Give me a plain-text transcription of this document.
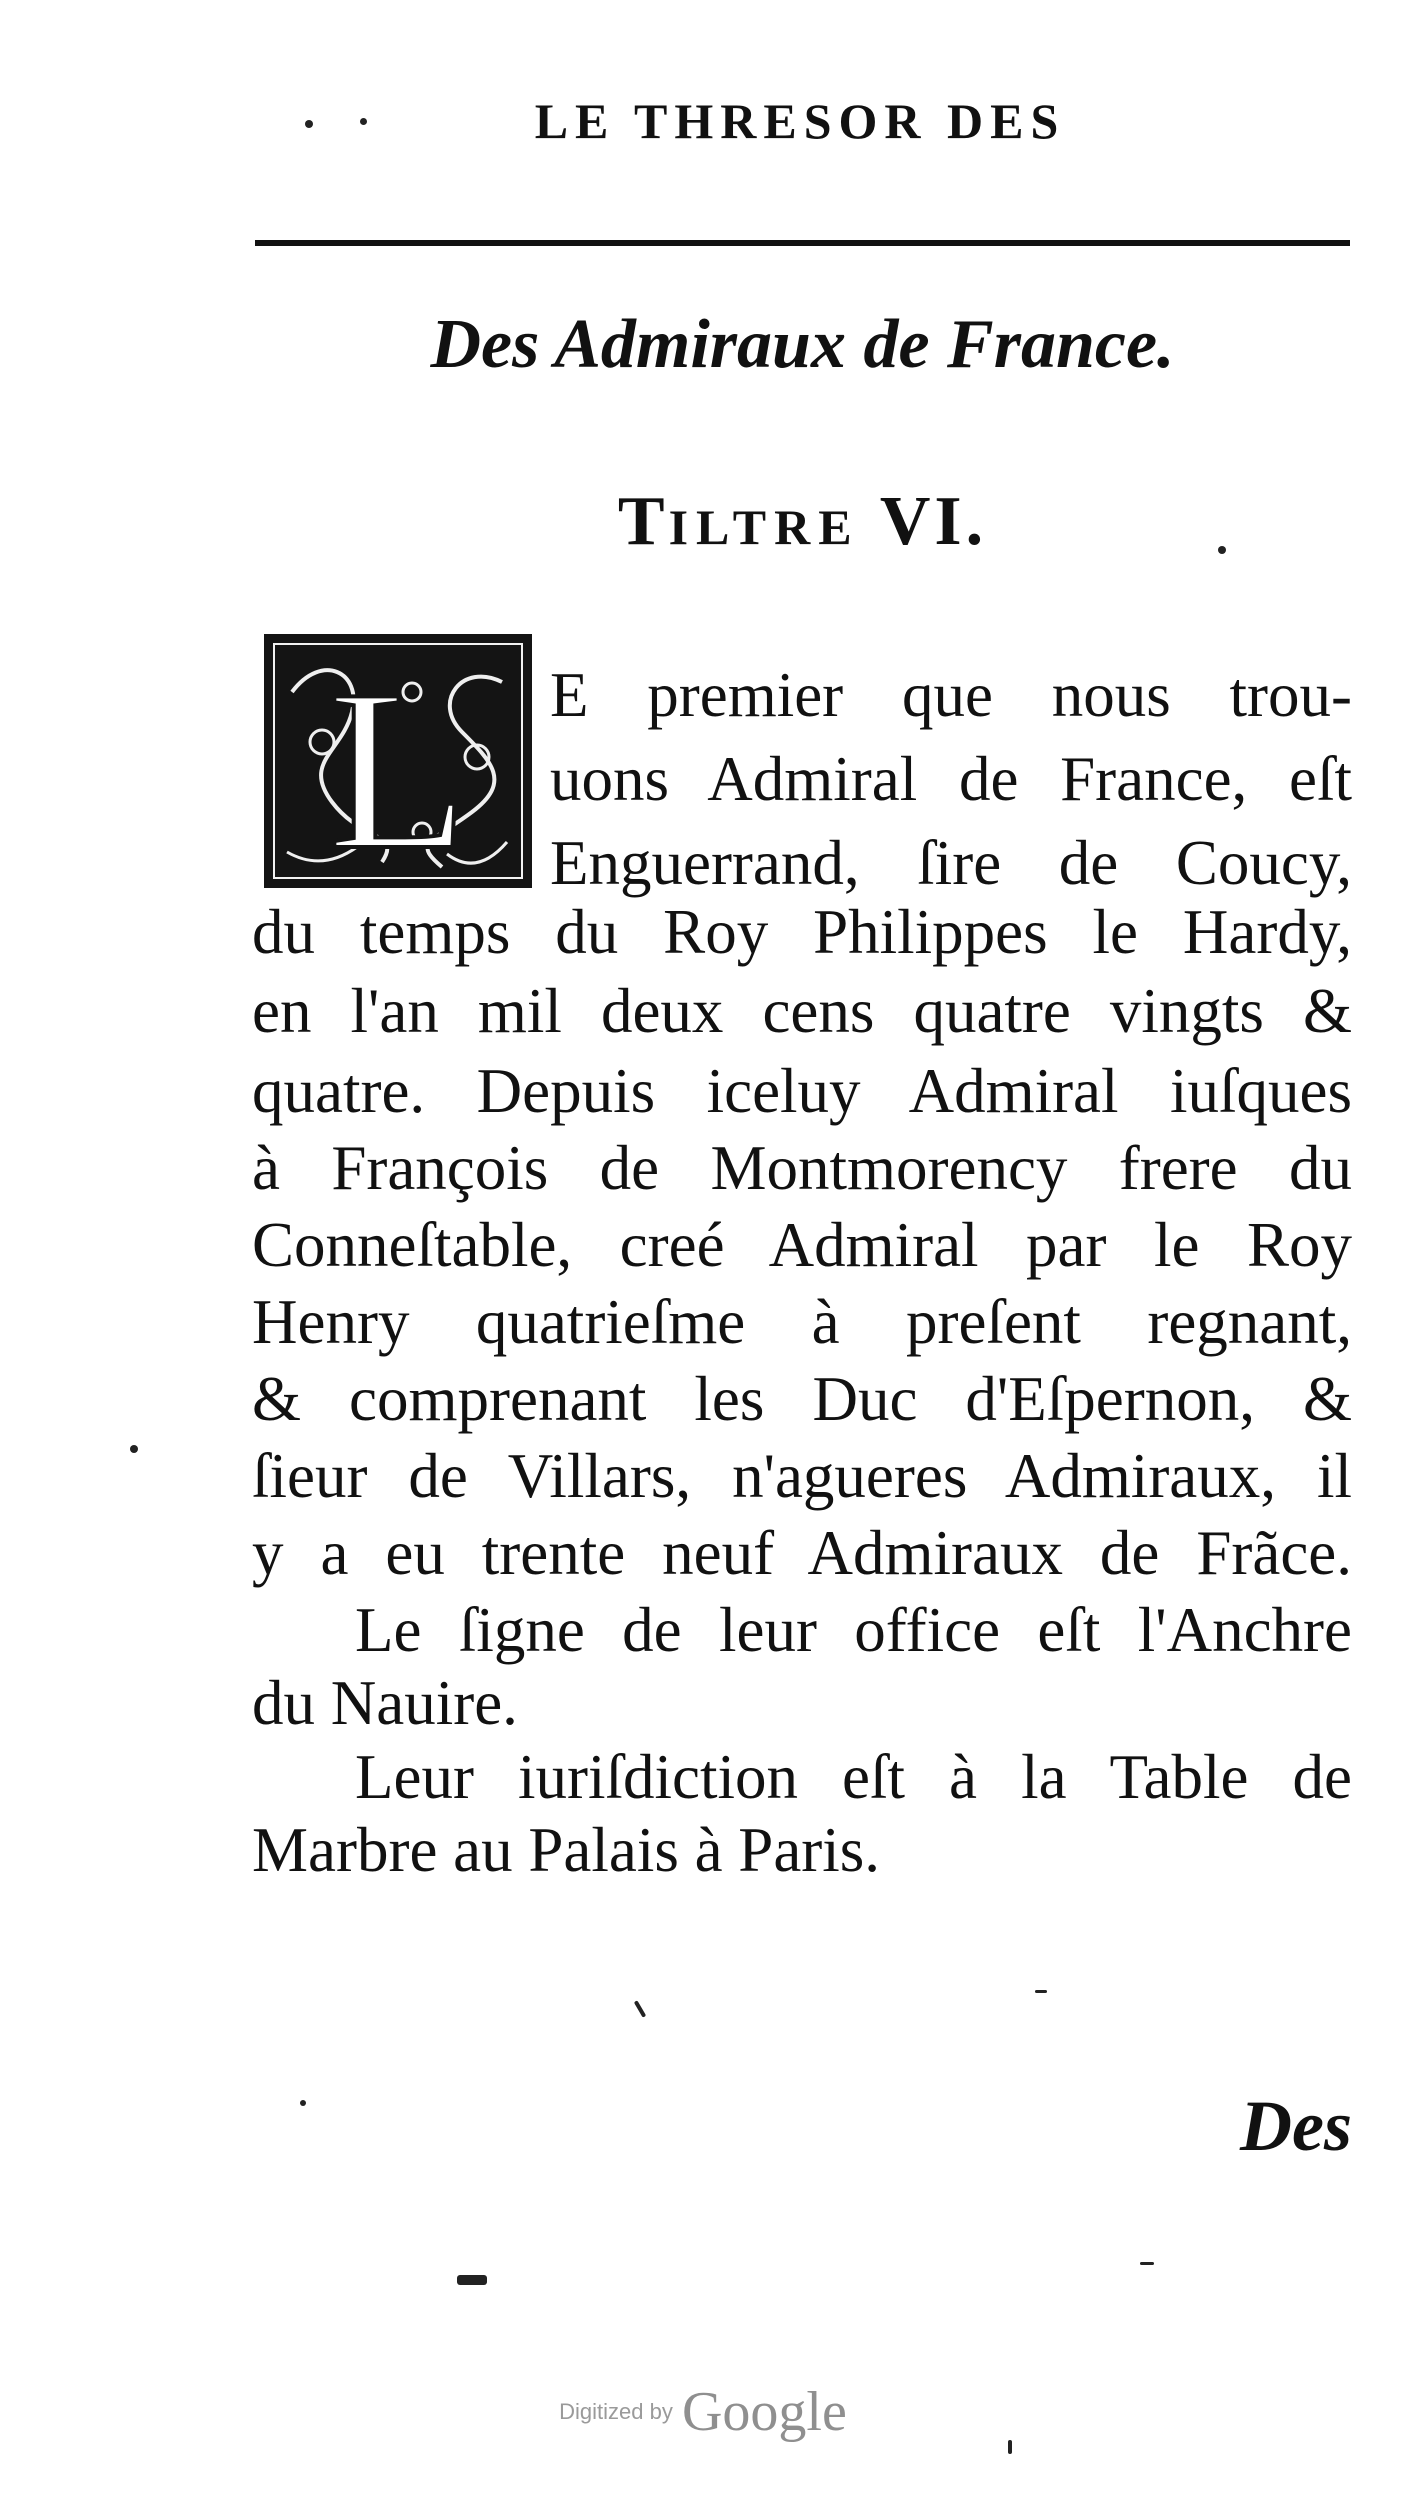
LE THRESOR DES
Des Admiraux de France.
TILTRE VI.
L E premier que nous trou-
uons Admiral de France, eſt
Enguerrand, ſire de Coucy,
du temps du Roy Philippes le Hardy,
en l'an mil deux cens quatre vingts &
quatre. Depuis iceluy Admiral iuſques
à François de Montmorency frere du
Conneſtable, creé Admiral par le Roy
Henry quatrieſme à preſent regnant,
& comprenant les Duc d'Eſpernon, &
ſieur de Villars, n'agueres Admiraux, il
y a eu trente neuf Admiraux de Frãce.
Le ſigne de leur office eſt l'Anchre
du Nauire.
Leur iuriſdiction eſt à la Table de
Marbre au Palais à Paris.
Des
Digitized by Google
